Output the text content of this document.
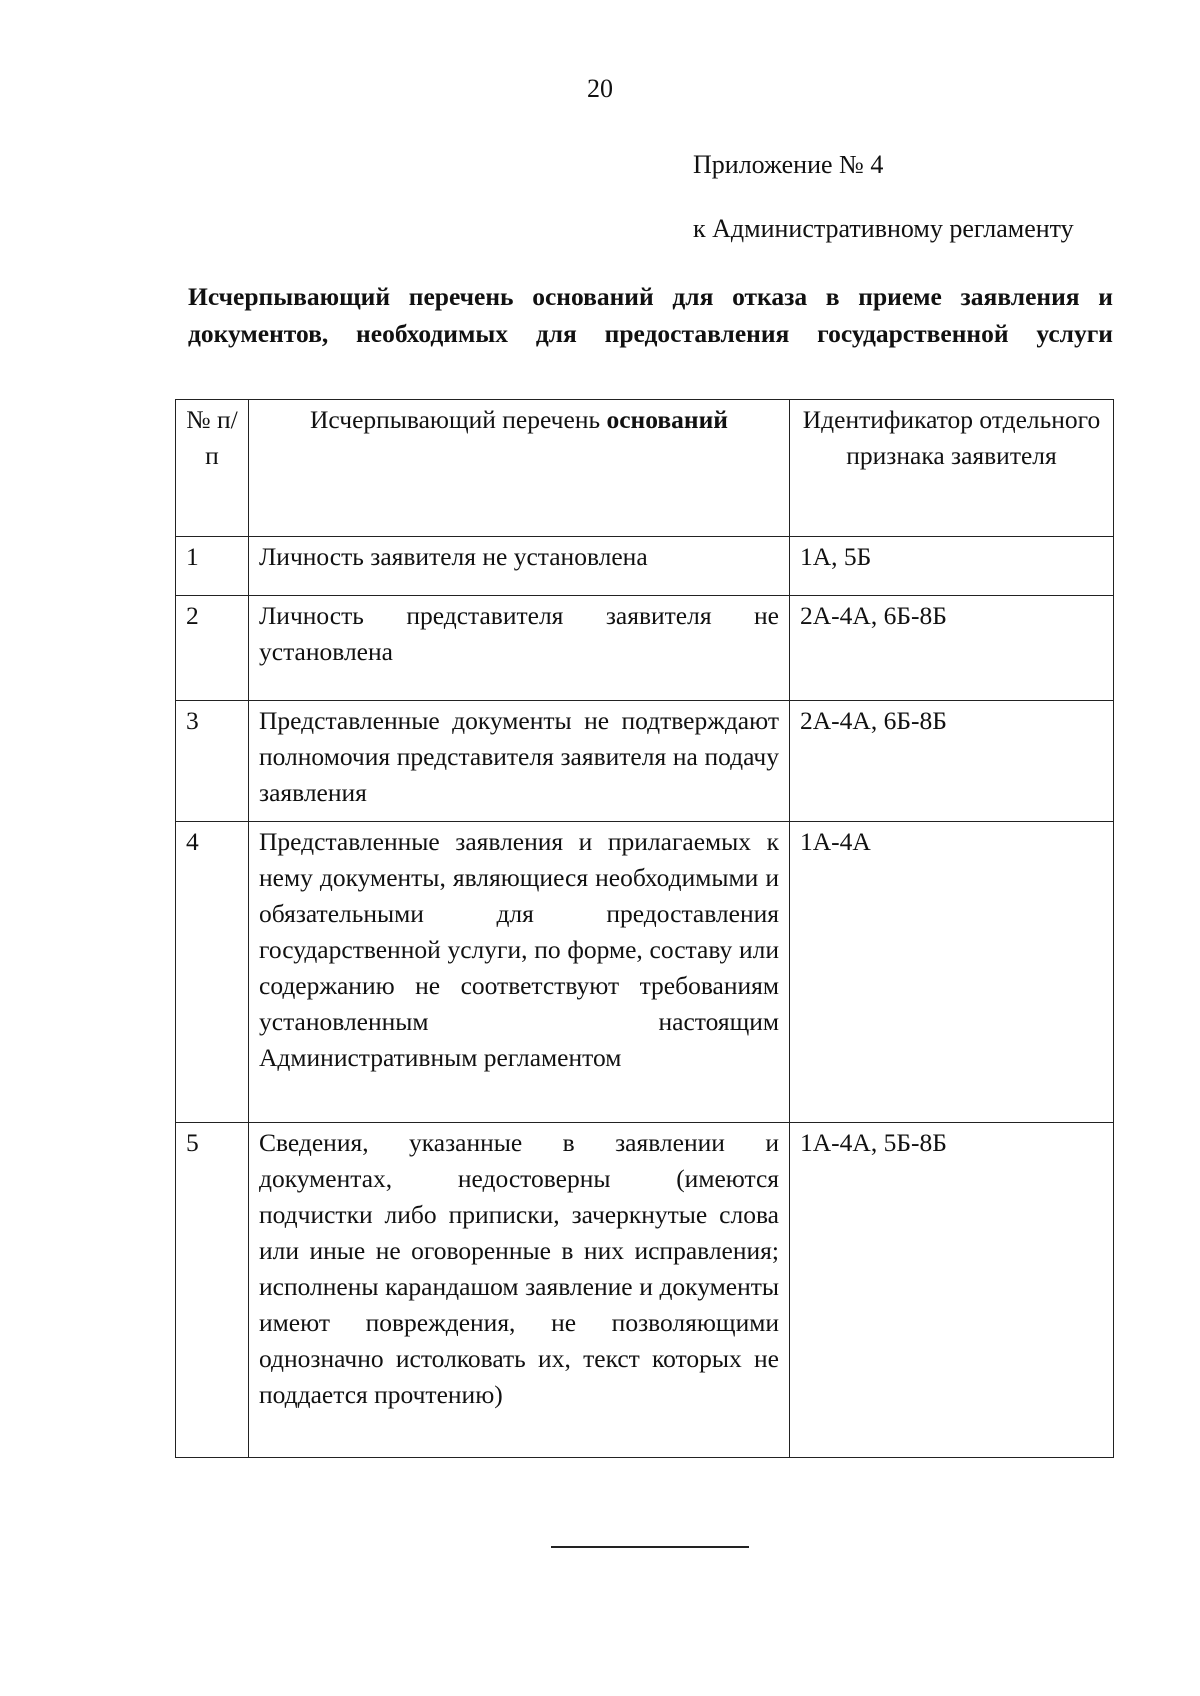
20
Приложение № 4
к Административному регламенту
Исчерпывающий перечень оснований для отказа в приеме заявления и документов, необходимых для предоставления государственной услуги
№ п/п	Исчерпывающий перечень оснований	Идентификатор отдельного признака заявителя
1	Личность заявителя не установлена	1А, 5Б
2	Личность представителя заявителя не установлена	2А-4А, 6Б-8Б
3	Представленные документы не подтверждают полномочия представителя заявителя на подачу заявления	2А-4А, 6Б-8Б
4	Представленные заявления и прилагаемых к нему документы, являющиеся необходимыми и обязательными для предоставления государственной услуги, по форме, составу или содержанию не соответствуют требованиям установленным настоящим Административным регламентом	1А-4А
5	Сведения, указанные в заявлении и документах, недостоверны (имеются подчистки либо приписки, зачеркнутые слова или иные не оговоренные в них исправления; исполнены карандашом заявление и документы имеют повреждения, не позволяющими однозначно истолковать их, текст которых не поддается прочтению)	1А-4А, 5Б-8Б
